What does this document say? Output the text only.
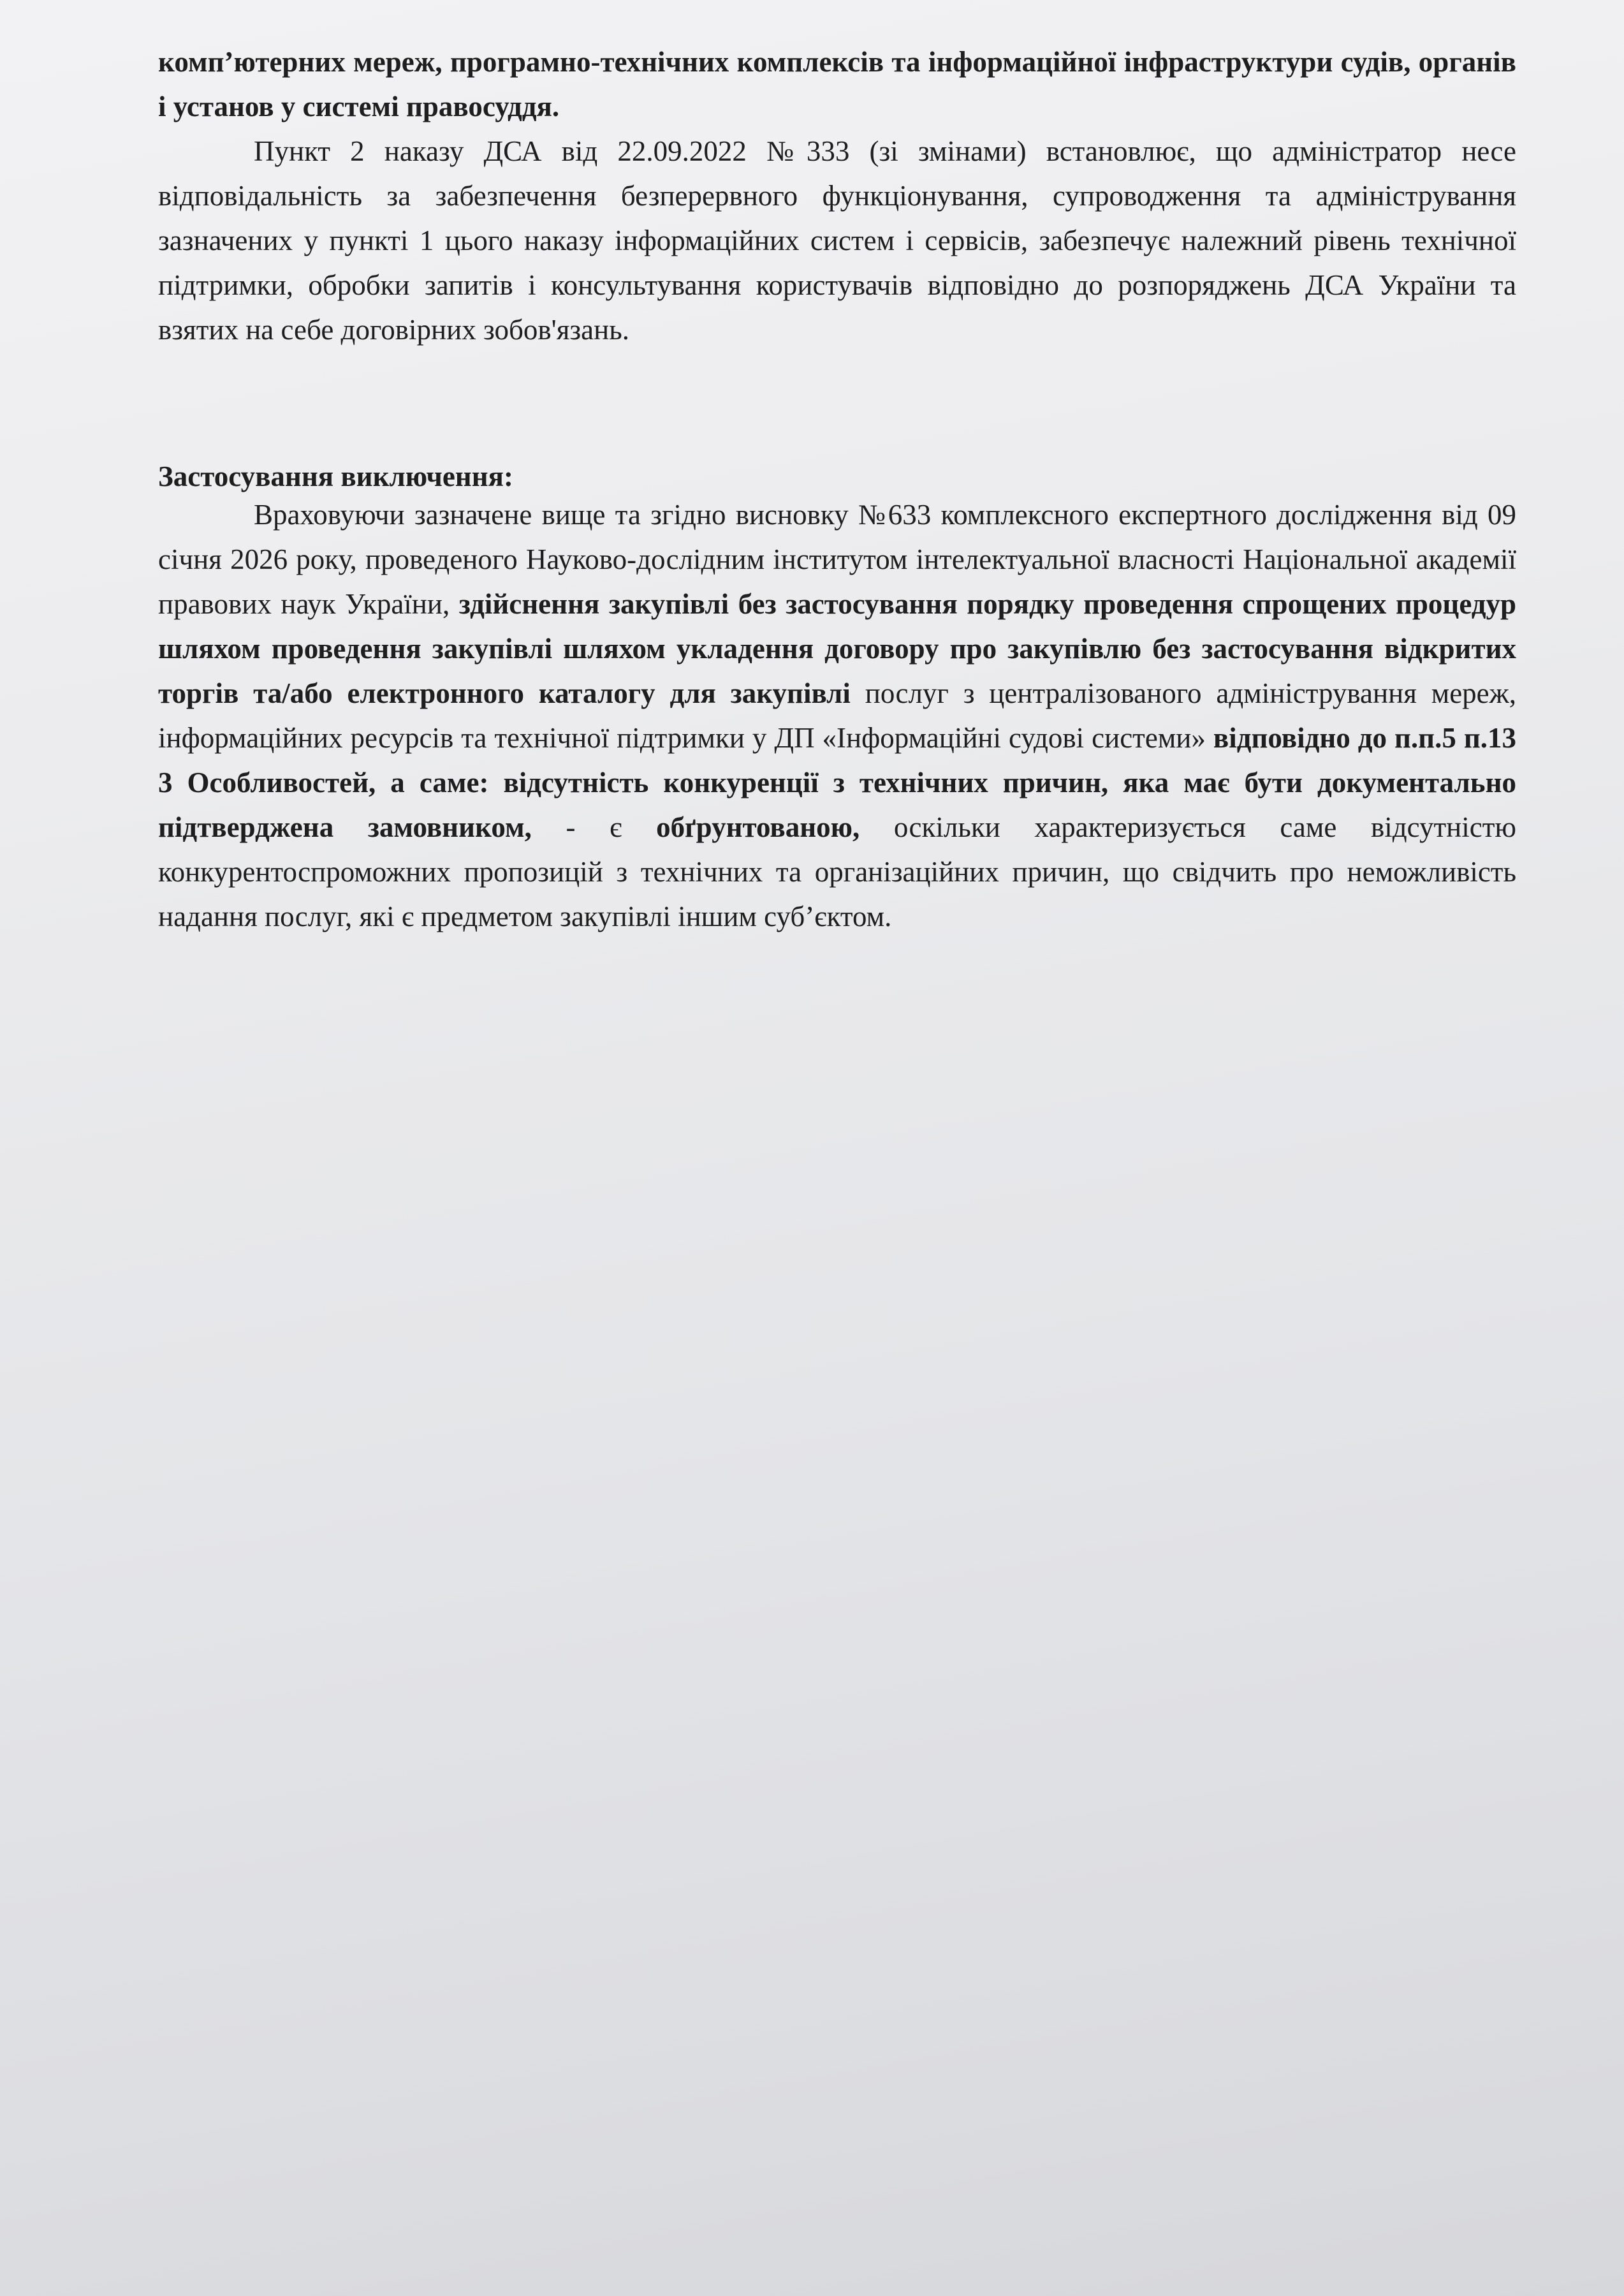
комп’ютерних мереж, програмно-технічних комплексів та інформаційної інфраструктури судів, органів і установ у системі правосуддя.

Пункт 2 наказу ДСА від 22.09.2022 №333 (зі змінами) встановлює, що адміністратор несе відповідальність за забезпечення безперервного функціонування, супроводження та адміністрування зазначених у пункті 1 цього наказу інформаційних систем і сервісів, забезпечує належний рівень технічної підтримки, обробки запитів і консультування користувачів відповідно до розпоряджень ДСА України та взятих на себе договірних зобов'язань.

Застосування виключення:

Враховуючи зазначене вище та згідно висновку №633 комплексного експертного дослідження від 09 січня 2026 року, проведеного Науково-дослідним інститутом інтелектуальної власності Національної академії правових наук України, здійснення закупівлі без застосування порядку проведення спрощених процедур шляхом проведення закупівлі шляхом укладення договору про закупівлю без застосування відкритих торгів та/або електронного каталогу для закупівлі послуг з централізованого адміністрування мереж, інформаційних ресурсів та технічної підтримки у ДП «Інформаційні судові системи» відповідно до п.п.5 п.13 3 Особливостей, а саме: відсутність конкуренції з технічних причин, яка має бути документально підтверджена замовником, - є обґрунтованою, оскільки характеризується саме відсутністю конкурентоспроможних пропозицій з технічних та організаційних причин, що свідчить про неможливість надання послуг, які є предметом закупівлі іншим суб’єктом.
